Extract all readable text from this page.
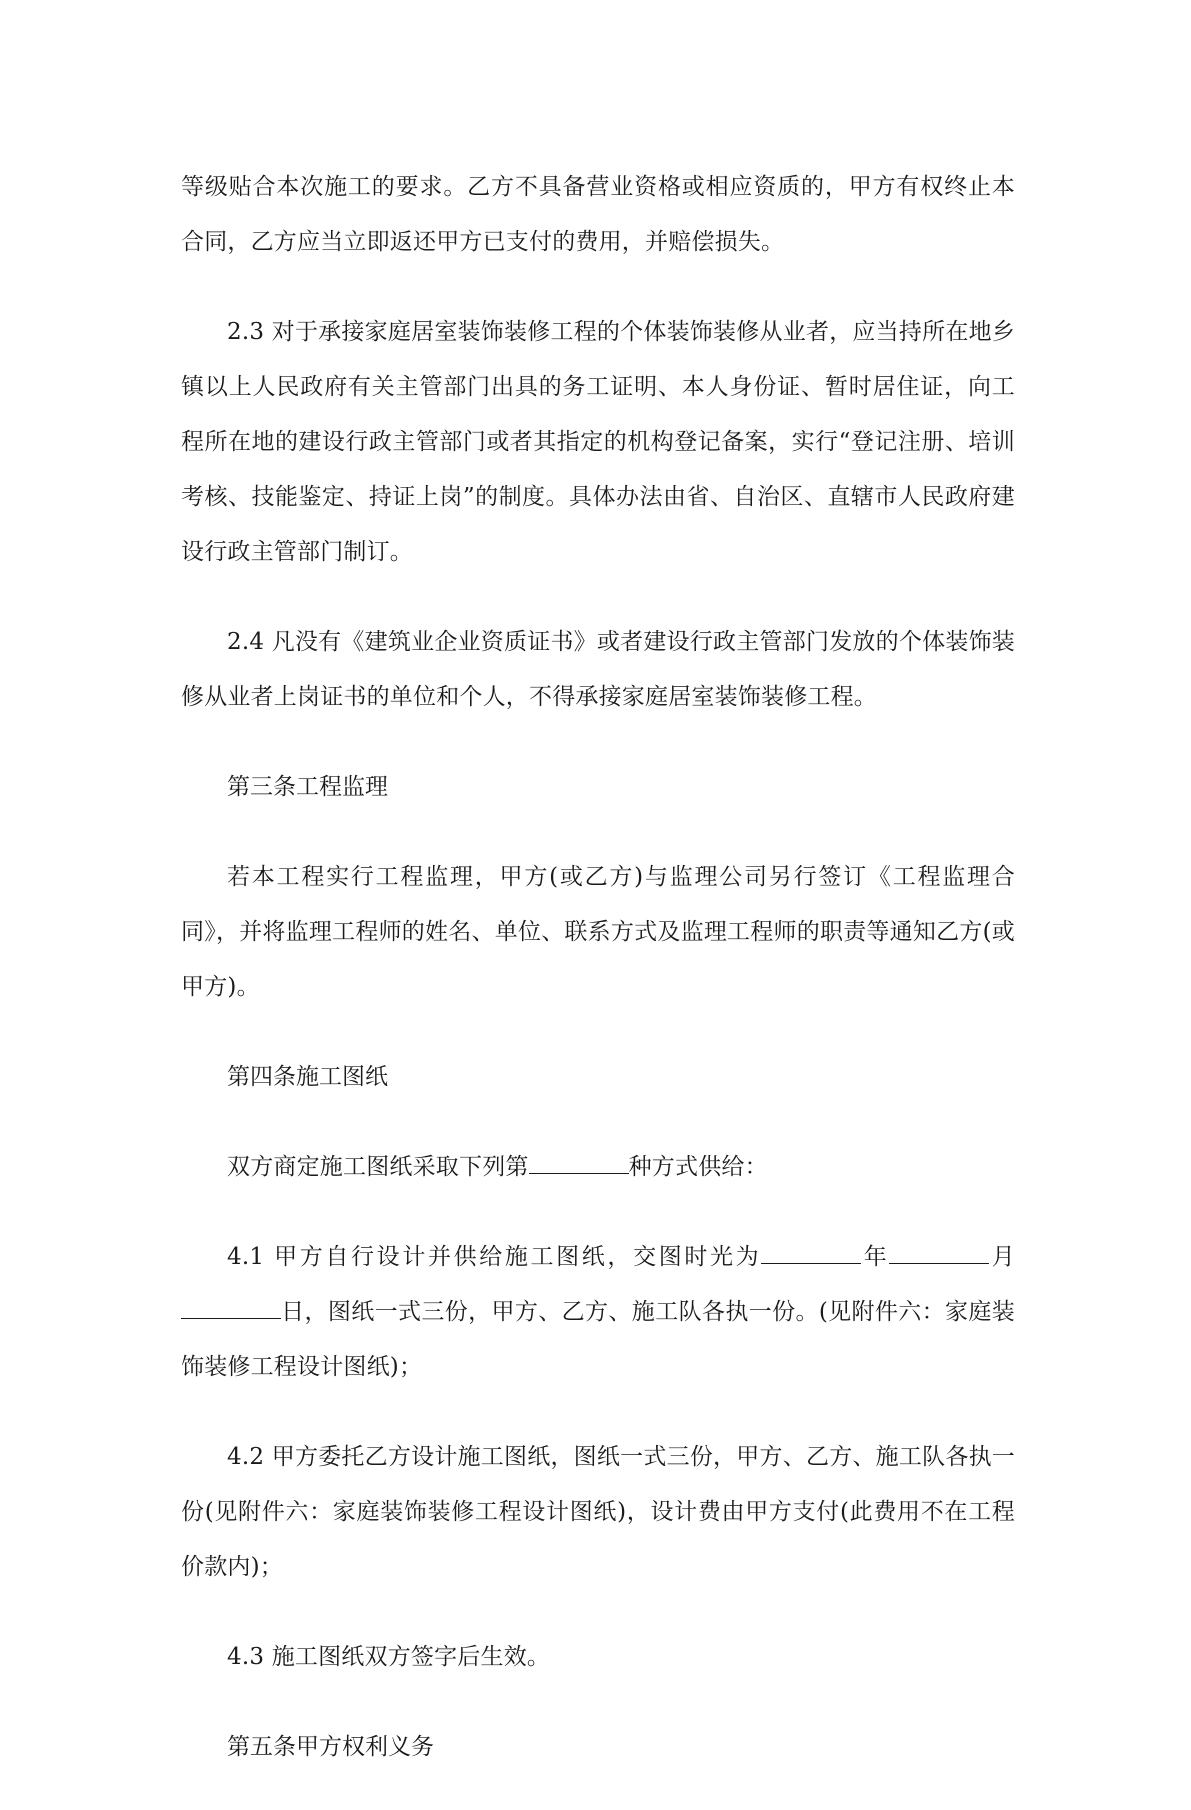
等级贴合本次施工的要求。乙方不具备营业资格或相应资质的，甲方有权终止本合同，乙方应当立即返还甲方已支付的费用，并赔偿损失。

2.3 对于承接家庭居室装饰装修工程的个体装饰装修从业者，应当持所在地乡镇以上人民政府有关主管部门出具的务工证明、本人身份证、暂时居住证，向工程所在地的建设行政主管部门或者其指定的机构登记备案，实行“登记注册、培训考核、技能鉴定、持证上岗”的制度。具体办法由省、自治区、直辖市人民政府建设行政主管部门制订。

2.4 凡没有《建筑业企业资质证书》或者建设行政主管部门发放的个体装饰装修从业者上岗证书的单位和个人，不得承接家庭居室装饰装修工程。

第三条工程监理

若本工程实行工程监理，甲方(或乙方)与监理公司另行签订《工程监理合同》，并将监理工程师的姓名、单位、联系方式及监理工程师的职责等通知乙方(或甲方)。

第四条施工图纸

双方商定施工图纸采取下列第	种方式供给：

4.1 甲方自行设计并供给施工图纸，交图时光为	年	月日，图纸一式三份，甲方、乙方、施工队各执一份。(见附件六：家庭装饰装修工程设计图纸)；

4.2 甲方委托乙方设计施工图纸，图纸一式三份，甲方、乙方、施工队各执一份(见附件六：家庭装饰装修工程设计图纸)，设计费由甲方支付(此费用不在工程价款内)；

4.3 施工图纸双方签字后生效。

第五条甲方权利义务
